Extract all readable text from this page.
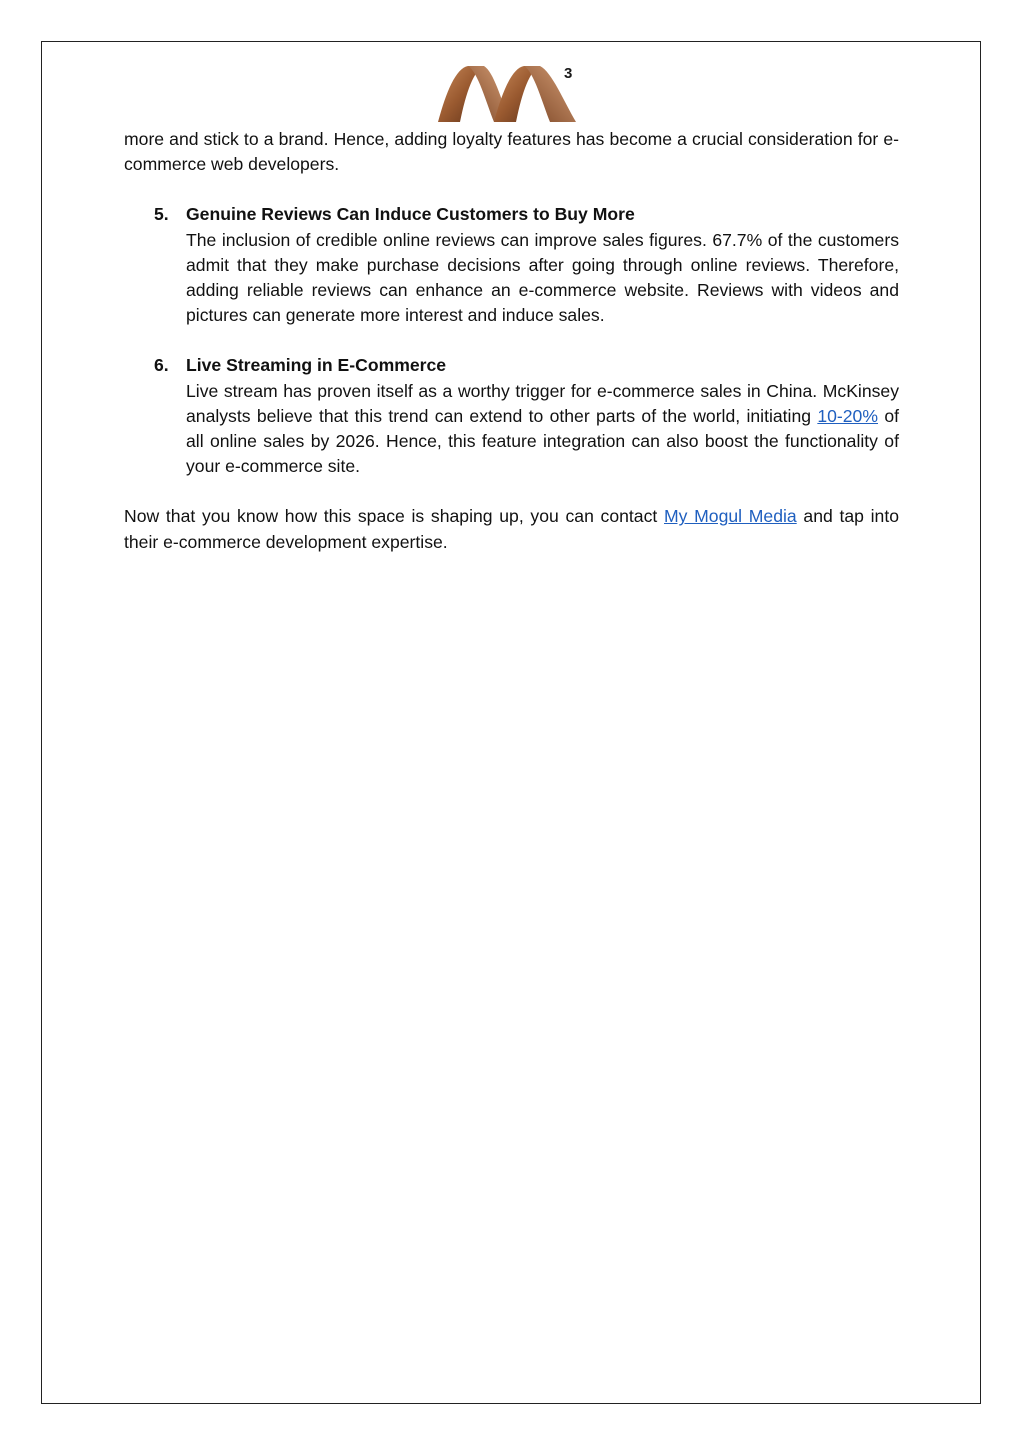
3

more and stick to a brand. Hence, adding loyalty features has become a crucial consideration for e-commerce web developers.

5. Genuine Reviews Can Induce Customers to Buy More

The inclusion of credible online reviews can improve sales figures. 67.7% of the customers admit that they make purchase decisions after going through online reviews. Therefore, adding reliable reviews can enhance an e-commerce website. Reviews with videos and pictures can generate more interest and induce sales.

6. Live Streaming in E-Commerce

Live stream has proven itself as a worthy trigger for e-commerce sales in China. McKinsey analysts believe that this trend can extend to other parts of the world, initiating 10-20% of all online sales by 2026. Hence, this feature integration can also boost the functionality of your e-commerce site.

Now that you know how this space is shaping up, you can contact My Mogul Media and tap into their e-commerce development expertise.
